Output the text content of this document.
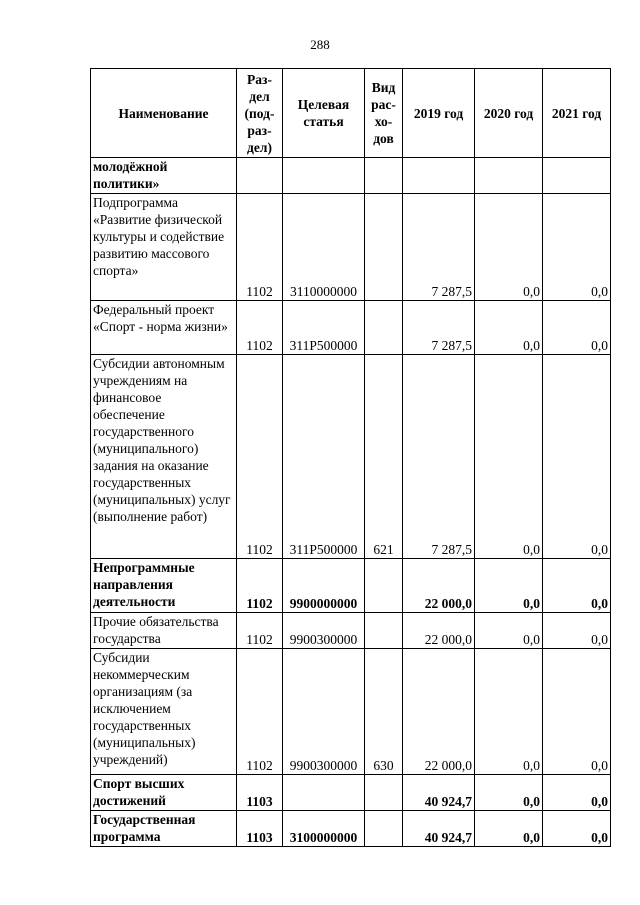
288
Наименование	Раз-дел (под-раз-дел)	Целевая статья	Вид рас-хо-дов	2019 год	2020 год	2021 год
молодёжной политики»						
Подпрограмма «Развитие физической культуры и содействие развитию массового спорта»	1102	3110000000		7 287,5	0,0	0,0
Федеральный проект «Спорт - норма жизни»	1102	311P500000		7 287,5	0,0	0,0
Субсидии автономным учреждениям на финансовое обеспечение государственного (муниципального) задания на оказание государственных (муниципальных) услуг (выполнение работ)	1102	311P500000	621	7 287,5	0,0	0,0
Непрограммные направления деятельности	1102	9900000000		22 000,0	0,0	0,0
Прочие обязательства государства	1102	9900300000		22 000,0	0,0	0,0
Субсидии некоммерческим организациям (за исключением государственных (муниципальных) учреждений)	1102	9900300000	630	22 000,0	0,0	0,0
Спорт высших достижений	1103			40 924,7	0,0	0,0
Государственная программа	1103	3100000000		40 924,7	0,0	0,0
